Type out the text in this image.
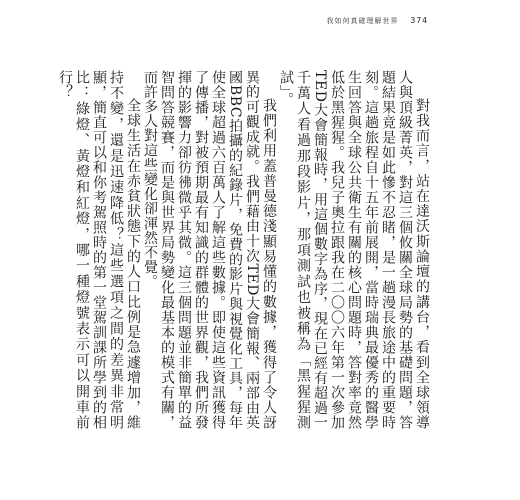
我如何真確理解世界 374

對我而言，站在達沃斯論壇的講台，看到全球領導人與頂級菁英，對這三個攸關全球局勢的基礎問題，答題結果竟是如此慘不忍睹，是一趟漫長旅途中的重要時刻。這趟旅程自十五年前展開，當時瑞典最優秀的醫學生回答與全球公共衛生有關的核心問題時，答對率竟然低於黑猩猩。我兒子奧拉跟我在二〇〇六年第一次參加TED大會簡報時，用這個數字為序，現在已經有超過一千萬人看過那段影片，那項測試也被稱為「黑猩猩測試」。

我們利用蓋普曼德淺顯易懂的數據，獲得了令人訝異的可觀成就。我們藉由十次TED大會簡報、兩部由英國BBC拍攝的紀錄片，免費的影片與視覺化工具，每年使全球超過六百萬人了解這些數據。即使這些資訊獲得了傳播，對被預期最有知識的群體的世界觀，我們所發揮的影響力卻彷彿微乎其微。這三個問題並非簡單的益智問答競賽，而是與世界局勢變化最基本的模式有關，而許多人對這些變化卻渾然不覺。

全球生活在赤貧狀態下的人口比例是急遽增加，維持不變，還是迅速降低？這些選項之間的差異非常明顯，簡直可以和你考駕照時的第一堂駕訓課所學到的相比：綠燈、黃燈和紅燈，哪一種燈號表示可以開車前行？
